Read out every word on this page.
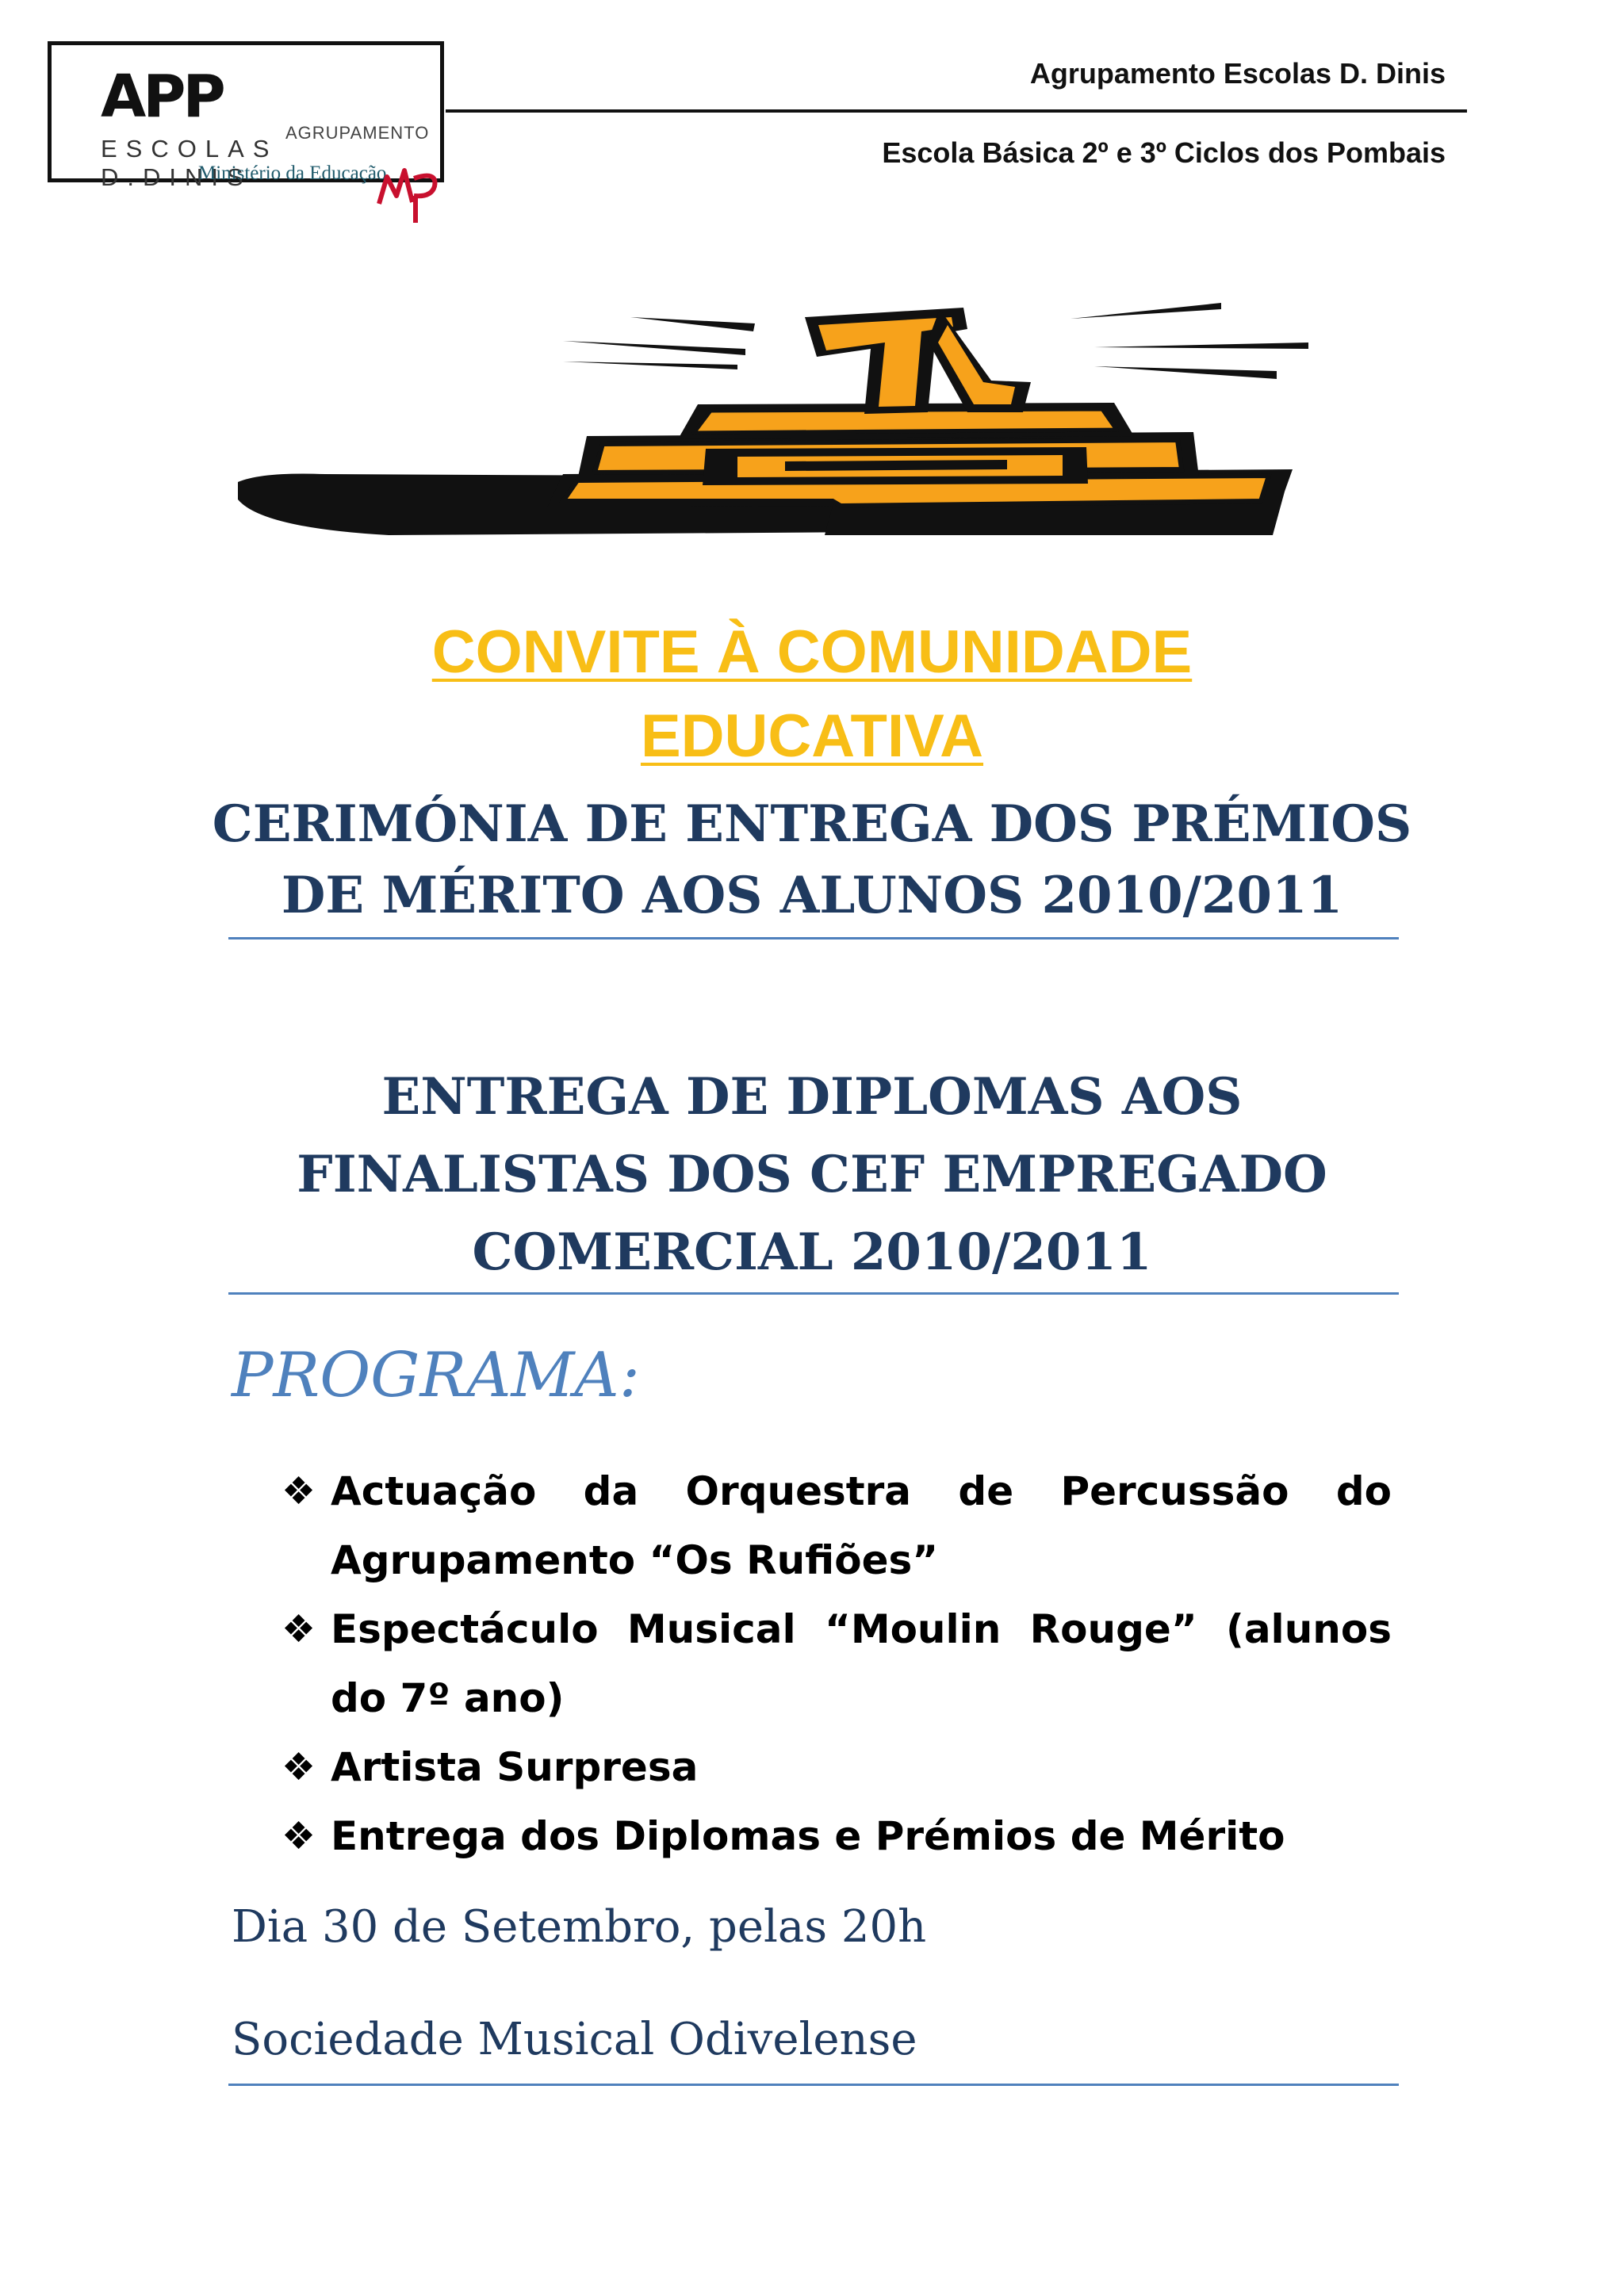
APP
AGRUPAMENTO
ESCOLAS D.DINIS
Ministério da Educação
Agrupamento Escolas D. Dinis
Escola Básica 2º e 3º Ciclos dos Pombais
CONVITE À COMUNIDADE
EDUCATIVA
CERIMÓNIA DE ENTREGA DOS PRÉMIOS
DE MÉRITO AOS ALUNOS 2010/2011
ENTREGA DE DIPLOMAS AOS
FINALISTAS DOS CEF EMPREGADO
COMERCIAL 2010/2011
PROGRAMA:
❖ Actuação da Orquestra de Percussão do Agrupamento “Os Rufiões”
❖ Espectáculo Musical “Moulin Rouge” (alunos do 7º ano)
❖ Artista Surpresa
❖ Entrega dos Diplomas e Prémios de Mérito
Dia 30 de Setembro, pelas 20h
Sociedade Musical Odivelense
